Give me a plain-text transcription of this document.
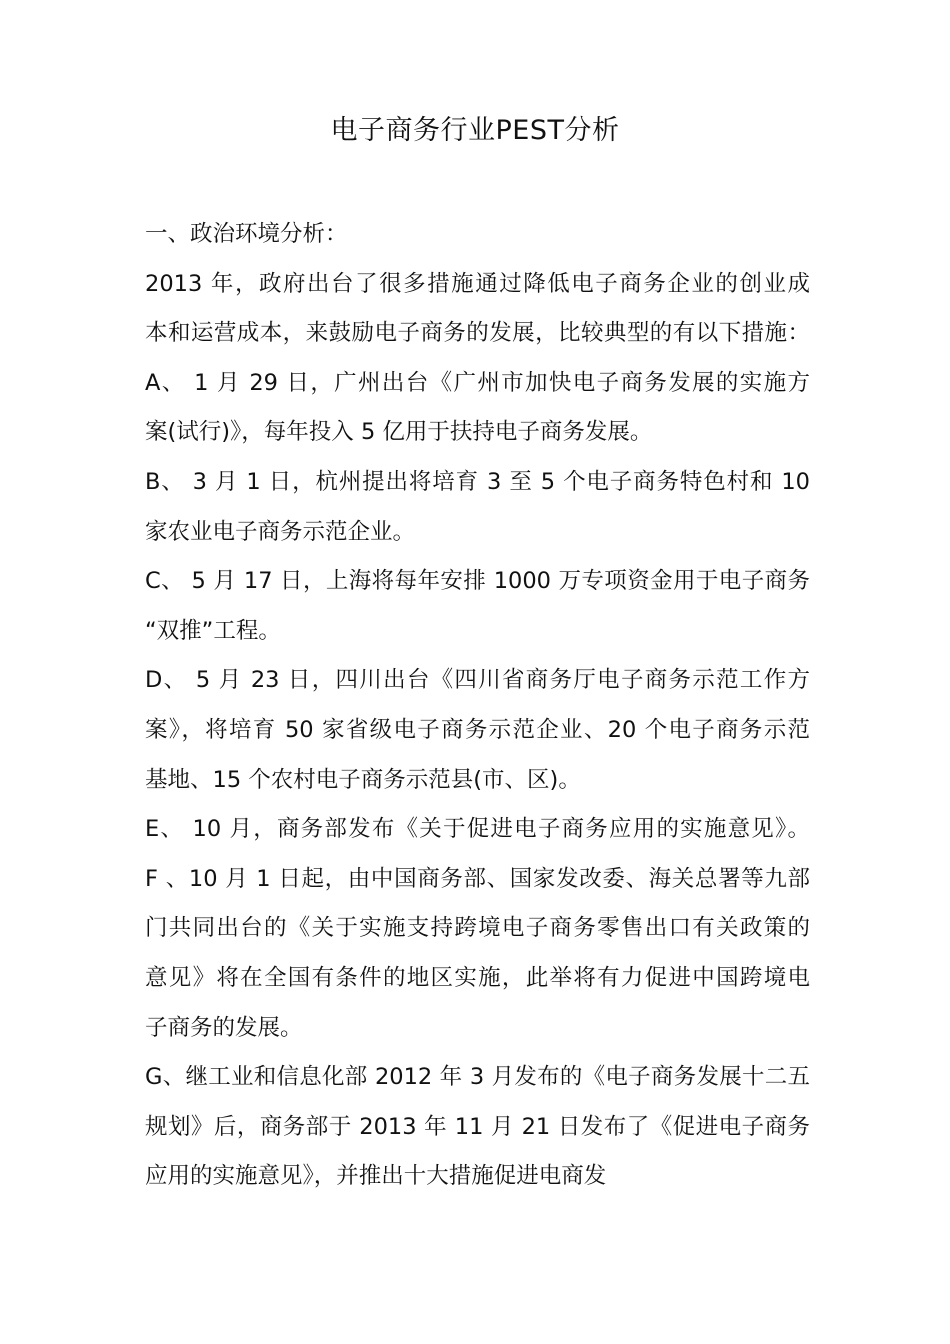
电子商务行业PEST分析
一、政治环境分析：
2013 年，政府出台了很多措施通过降低电子商务企业的创业成
本和运营成本，来鼓励电子商务的发展，比较典型的有以下措施：
A、 1 月 29 日，广州出台《广州市加快电子商务发展的实施方
案(试行)》，每年投入 5 亿用于扶持电子商务发展。
B、 3 月 1 日，杭州提出将培育 3 至 5 个电子商务特色村和 10
家农业电子商务示范企业。
C、 5 月 17 日，上海将每年安排 1000 万专项资金用于电子商务
“双推”工程。
D、 5 月 23 日，四川出台《四川省商务厅电子商务示范工作方
案》，将培育 50 家省级电子商务示范企业、20 个电子商务示范
基地、15 个农村电子商务示范县(市、区)。
E、 10 月，商务部发布《关于促进电子商务应用的实施意见》。
F 、10 月 1 日起，由中国商务部、国家发改委、海关总署等九部
门共同出台的《关于实施支持跨境电子商务零售出口有关政策的
意见》将在全国有条件的地区实施，此举将有力促进中国跨境电
子商务的发展。
G、继工业和信息化部 2012 年 3 月发布的《电子商务发展十二五
规划》后，商务部于 2013 年 11 月 21 日发布了《促进电子商务
应用的实施意见》，并推出十大措施促进电商发
